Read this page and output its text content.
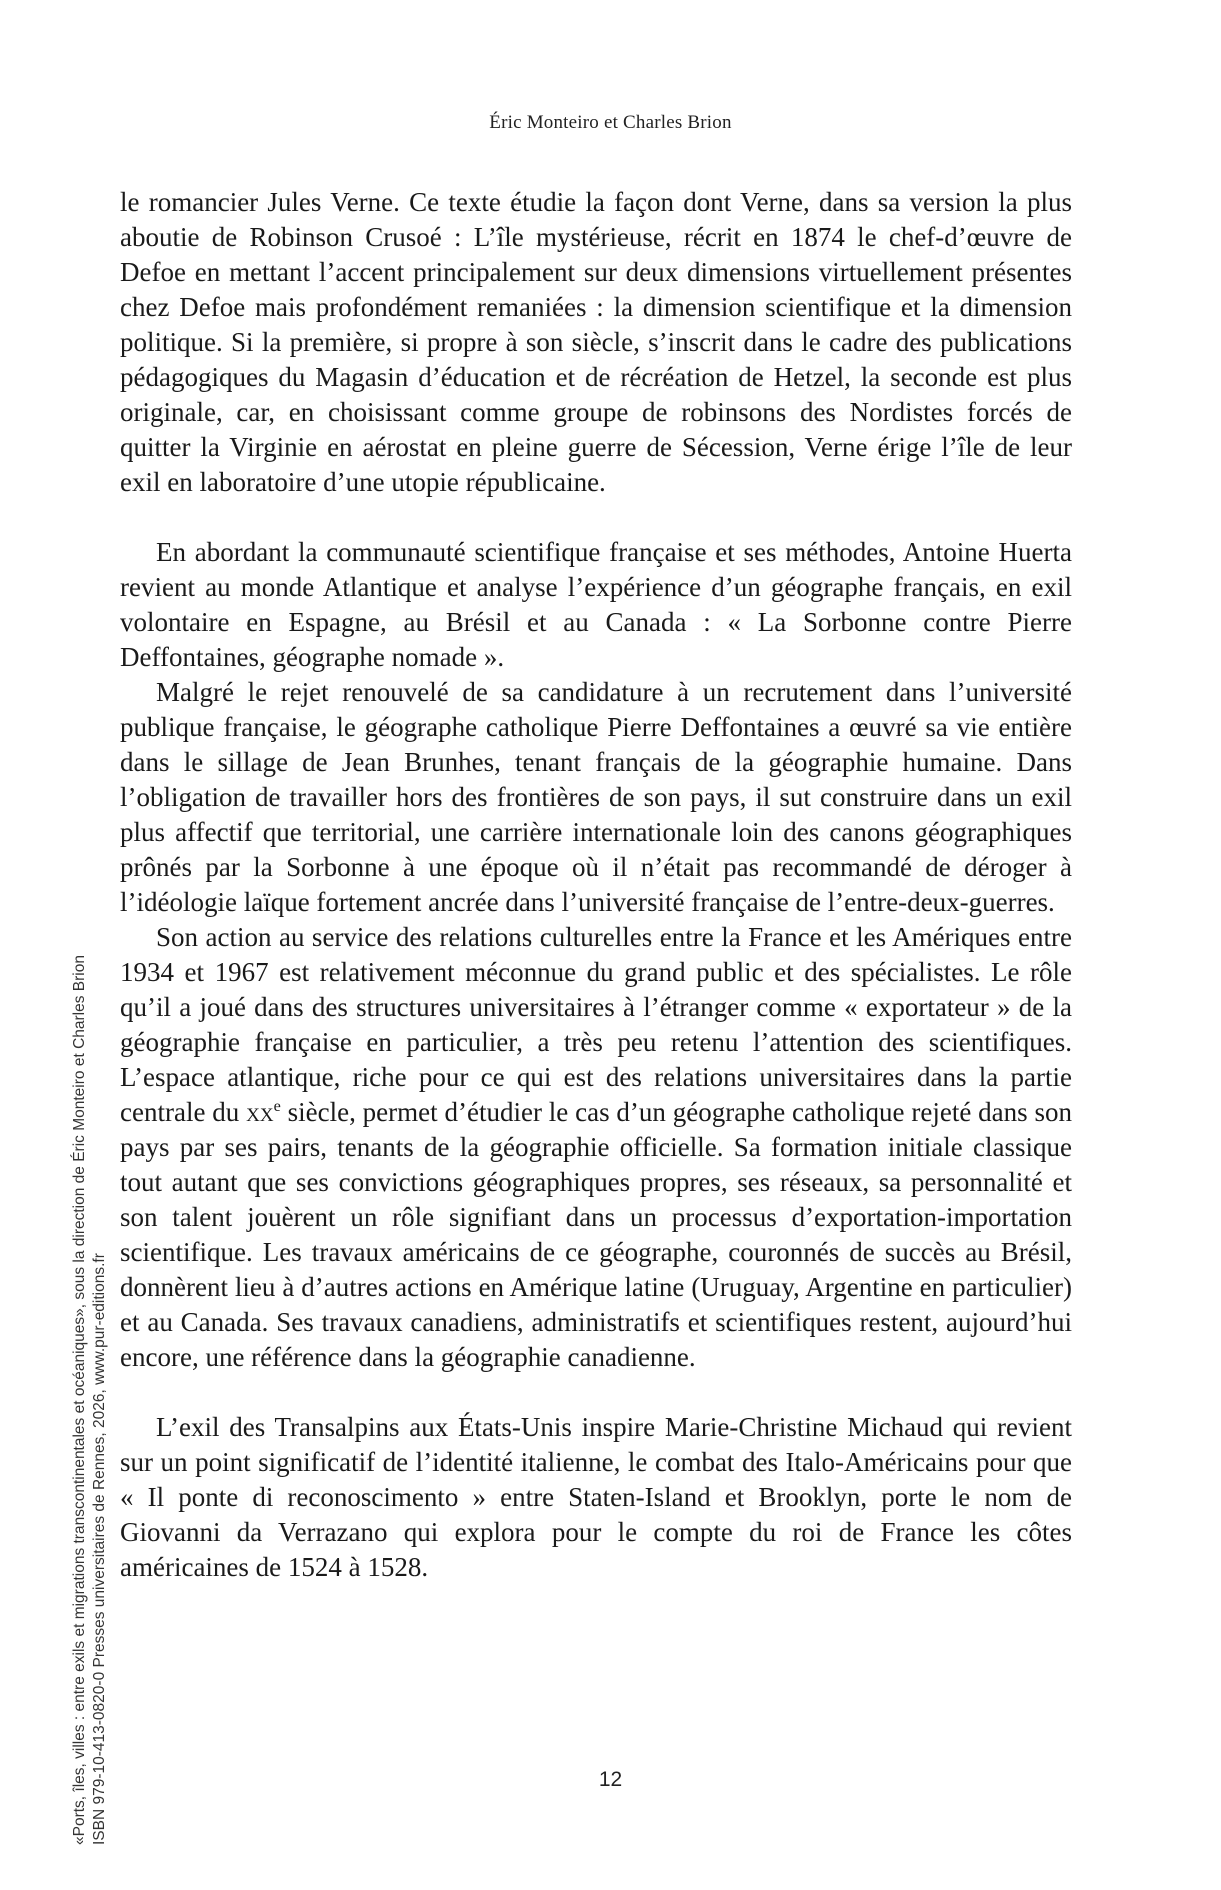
Éric Monteiro et Charles Brion

le romancier Jules Verne. Ce texte étudie la façon dont Verne, dans sa version la plus aboutie de Robinson Crusoé : L’île mystérieuse, récrit en 1874 le chef-d’œuvre de Defoe en mettant l’accent principalement sur deux dimensions virtuellement présentes chez Defoe mais profondément remaniées : la dimension scientifique et la dimension politique. Si la première, si propre à son siècle, s’inscrit dans le cadre des publications pédagogiques du Magasin d’éducation et de récréation de Hetzel, la seconde est plus originale, car, en choisissant comme groupe de robinsons des Nordistes forcés de quitter la Virginie en aérostat en pleine guerre de Sécession, Verne érige l’île de leur exil en laboratoire d’une utopie républicaine.

En abordant la communauté scientifique française et ses méthodes, Antoine Huerta revient au monde Atlantique et analyse l’expérience d’un géographe français, en exil volontaire en Espagne, au Brésil et au Canada : « La Sorbonne contre Pierre Deffontaines, géographe nomade ».

Malgré le rejet renouvelé de sa candidature à un recrutement dans l’université publique française, le géographe catholique Pierre Deffontaines a œuvré sa vie entière dans le sillage de Jean Brunhes, tenant français de la géographie humaine. Dans l’obligation de travailler hors des frontières de son pays, il sut construire dans un exil plus affectif que territorial, une carrière internationale loin des canons géographiques prônés par la Sorbonne à une époque où il n’était pas recommandé de déroger à l’idéologie laïque fortement ancrée dans l’université française de l’entre-deux-guerres.

Son action au service des relations culturelles entre la France et les Amériques entre 1934 et 1967 est relativement méconnue du grand public et des spécialistes. Le rôle qu’il a joué dans des structures universitaires à l’étranger comme « exportateur » de la géographie française en particulier, a très peu retenu l’attention des scientifiques. L’espace atlantique, riche pour ce qui est des relations universitaires dans la partie centrale du $xx^e$ siècle, permet d’étudier le cas d’un géographe catholique rejeté dans son pays par ses pairs, tenants de la géographie officielle. Sa formation initiale classique tout autant que ses convictions géographiques propres, ses réseaux, sa personnalité et son talent jouèrent un rôle signifiant dans un processus d’exportation-importation scientifique. Les travaux américains de ce géographe, couronnés de succès au Brésil, donnèrent lieu à d’autres actions en Amérique latine (Uruguay, Argentine en particulier) et au Canada. Ses travaux canadiens, administratifs et scientifiques restent, aujourd’hui encore, une référence dans la géographie canadienne.

L’exil des Transalpins aux États-Unis inspire Marie-Christine Michaud qui revient sur un point significatif de l’identité italienne, le combat des Italo-Américains pour que « Il ponte di reconoscimento » entre Staten-Island et Brooklyn, porte le nom de Giovanni da Verrazano qui explora pour le compte du roi de France les côtes américaines de 1524 à 1528.

«Ports, îles, villes : entre exils et migrations transcontinentales et océaniques», sous la direction de Éric Monteiro et Charles Brion ISBN 979-10-413-0820-0 Presses universitaires de Rennes, 2026, www.pur-editions.fr	12
